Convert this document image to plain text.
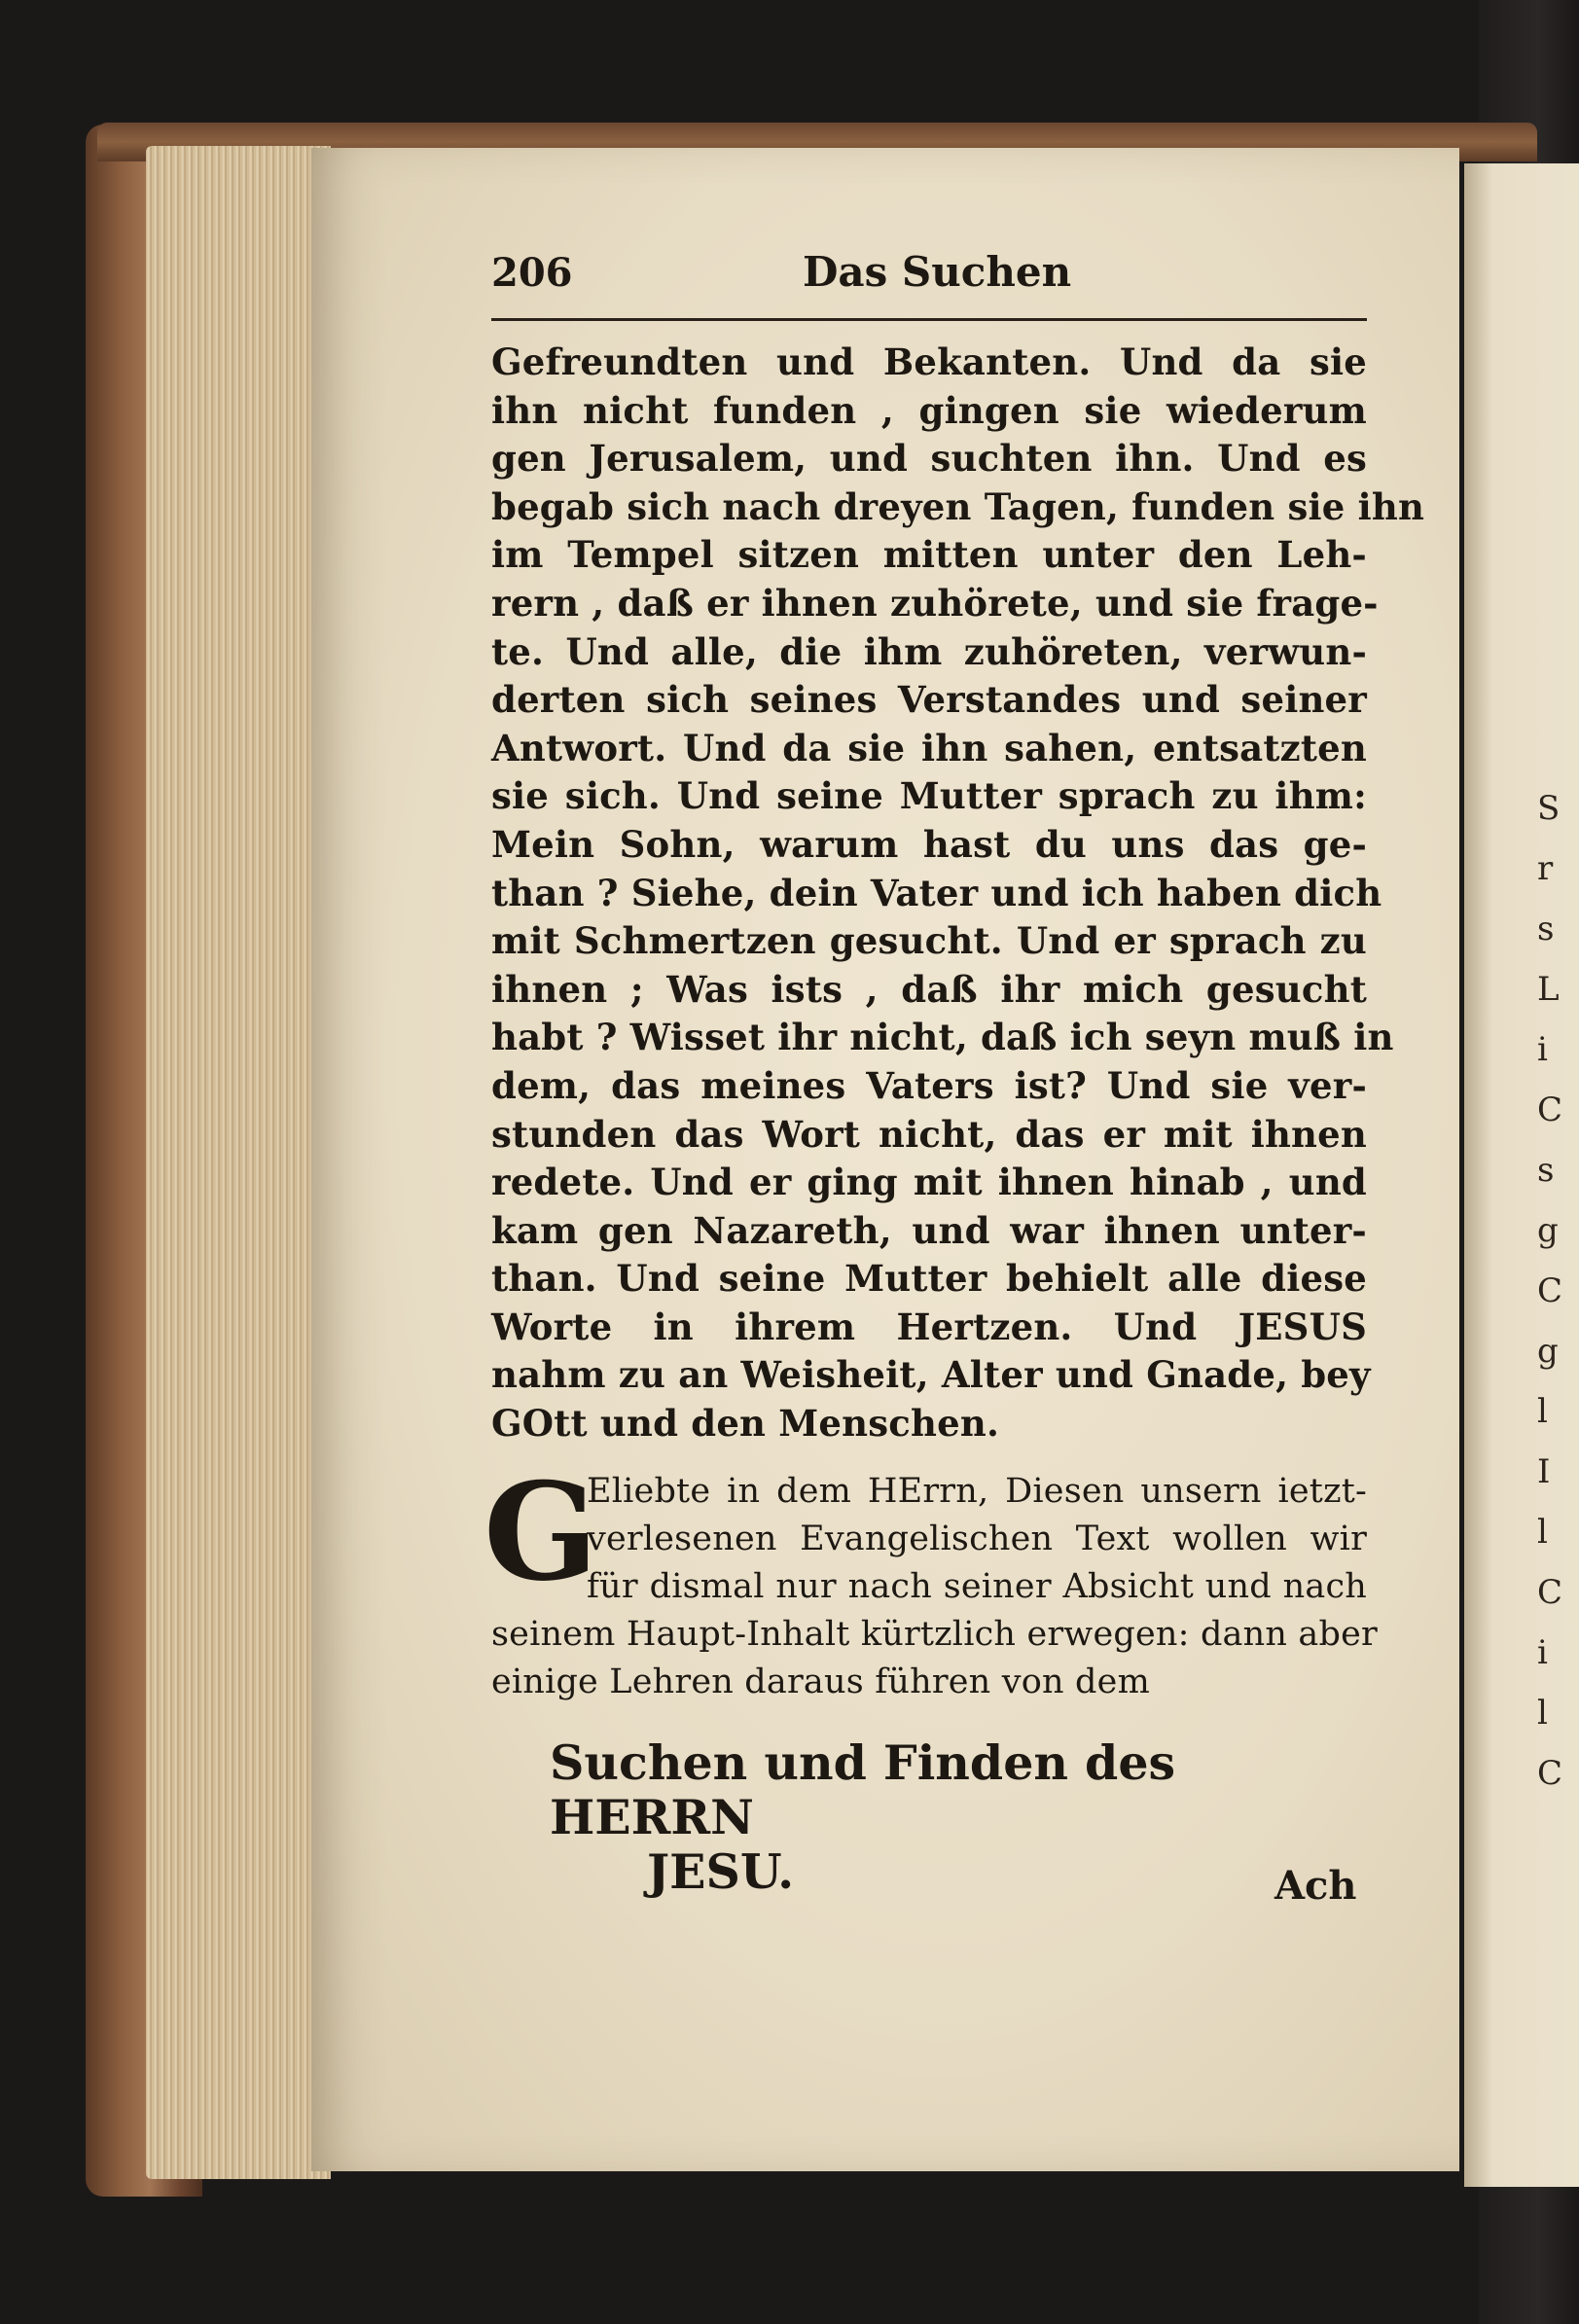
S
r
s
L
i
C
s
g
C
g
l
I
l
C
i
l
C
206	Das Suchen
Gefreundten und Bekanten. Und da sie
ihn nicht funden , gingen sie wiederum
gen Jerusalem, und suchten ihn. Und es
begab sich nach dreyen Tagen, funden sie ihn
im Tempel sitzen mitten unter den Leh-
rern , daß er ihnen zuhörete, und sie frage-
te. Und alle, die ihm zuhöreten, verwun-
derten sich seines Verstandes und seiner
Antwort. Und da sie ihn sahen, entsatzten
sie sich. Und seine Mutter sprach zu ihm:
Mein Sohn, warum hast du uns das ge-
than ? Siehe, dein Vater und ich haben dich
mit Schmertzen gesucht. Und er sprach zu
ihnen ; Was ists , daß ihr mich gesucht
habt ? Wisset ihr nicht, daß ich seyn muß in
dem, das meines Vaters ist? Und sie ver-
stunden das Wort nicht, das er mit ihnen
redete. Und er ging mit ihnen hinab , und
kam gen Nazareth, und war ihnen unter-
than. Und seine Mutter behielt alle diese
Worte in ihrem Hertzen. Und JESUS
nahm zu an Weisheit, Alter und Gnade, bey
GOtt und den Menschen.
G
Eliebte in dem HErrn, Diesen unsern ietzt-
verlesenen Evangelischen Text wollen wir
für dismal nur nach seiner Absicht und nach
seinem Haupt-Inhalt kürtzlich erwegen: dann aber
einige Lehren daraus führen von dem
Suchen und Finden des HERRN
JESU.	Ach
